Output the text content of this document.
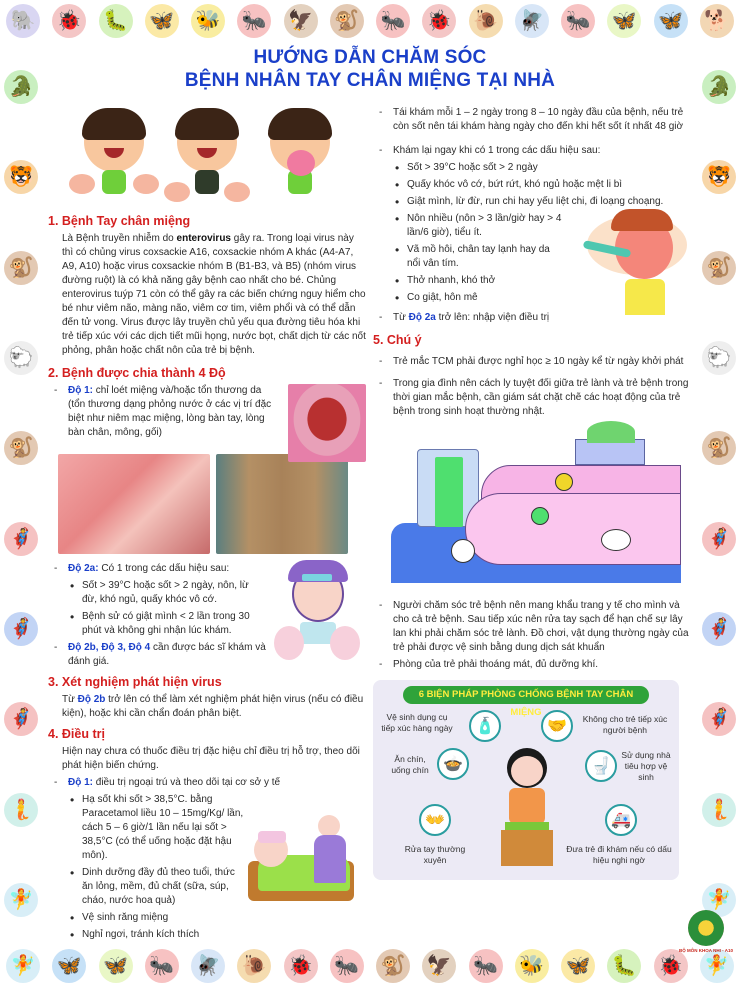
🐘 🐞 🐛 🦋 🐝 🐜 🦅 🐒 🐜 🐞 🐌 🪰 🐜 🦋 🦋 🐕
🧚 🦋 🦋 🐜 🪰 🐌 🐞 🐜 🐒 🦅 🐜 🐝 🦋 🐛 🐞 🧚
🐊
🐯
🐒
🐑
🐒
🦸
🦸
🦸
🧜
🧚
🐊
🐯
🐒
🐑
🐒
🦸
🦸
🦸
🧜
🧚
HƯỚNG DẪN CHĂM SÓC
BỆNH NHÂN TAY CHÂN MIỆNG TẠI NHÀ
1. Bệnh Tay chân miệng
Là Bệnh truyền nhiễm do enterovirus gây ra. Trong loại virus này thì có chủng virus coxsackie A16, coxsackie nhóm A khác (A4-A7, A9, A10) hoặc virus coxsackie nhóm B (B1-B3, và B5) (nhóm virus đường ruột) là có khả năng gây bệnh cao nhất cho bé. Chủng enterovirus tuýp 71 còn có thể gây ra các biến chứng nguy hiểm cho bé như viêm não, màng não, viêm cơ tim, viêm phổi và có thể dẫn đến tử vong. Virus được lây truyền chủ yếu qua đường tiêu hóa khi trẻ tiếp xúc với các dịch tiết mũi họng, nước bọt, chất dịch từ các nốt phỏng, phân hoặc chất nôn của trẻ bị bệnh.
2. Bệnh được chia thành 4 Độ
- Độ 1: chỉ loét miệng và/hoặc tổn thương da (tổn thương dạng phỏng nước ở các vị trí đặc biệt như niêm mạc miệng, lòng bàn tay, lòng bàn chân, mông, gối)
- Độ 2a: Có 1 trong các dấu hiệu sau:
• Sốt > 39°C hoặc sốt > 2 ngày, nôn, lừ đừ, khó ngủ, quấy khóc vô cớ.
• Bệnh sử có giật mình < 2 lần trong 30 phút và không ghi nhận lúc khám.
- Độ 2b, Độ 3, Độ 4 cần được bác sĩ khám và đánh giá.
3. Xét nghiệm phát hiện virus
Từ Độ 2b trở lên có thể làm xét nghiệm phát hiện virus (nếu có điều kiện), hoặc khi cần chẩn đoán phân biệt.
4. Điều trị
Hiện nay chưa có thuốc điều trị đặc hiệu chỉ điều trị hỗ trợ, theo dõi phát hiện biến chứng.
- Độ 1: điều trị ngoại trú và theo dõi tại cơ sở y tế
• Hạ sốt khi sốt > 38,5°C. bằng Paracetamol liều 10 – 15mg/Kg/ lần, cách 5 – 6 giờ/1 lần nếu lại sốt > 38,5°C (có thể uống hoặc đặt hậu môn).
• Dinh dưỡng đầy đủ theo tuổi, thức ăn lỏng, mềm, đủ chất (sữa, súp, cháo, nước hoa quả)
• Vệ sinh răng miệng
• Nghỉ ngơi, tránh kích thích
- Tái khám mỗi 1 – 2 ngày trong 8 – 10 ngày đầu của bệnh, nếu trẻ còn sốt nên tái khám hàng ngày cho đến khi hết sốt ít nhất 48 giờ
- Khám lại ngay khi có 1 trong các dấu hiệu sau:
• Sốt > 39°C hoặc sốt > 2 ngày
• Quấy khóc vô cớ, bứt rứt, khó ngủ hoặc mệt li bì
• Giật mình, lừ đừ, run chi hay yếu liệt chi, đi loạng choạng.
• Nôn nhiều (nôn > 3 lần/giờ hay > 4 lần/6 giờ), tiểu ít.
• Vã mồ hôi, chân tay lạnh hay da nổi vân tím.
• Thở nhanh, khó thở
• Co giật, hôn mê
- Từ Độ 2a trở lên: nhập viện điều trị
5. Chú ý
- Trẻ mắc TCM phải được nghỉ học ≥ 10 ngày kể từ ngày khởi phát
- Trong gia đình nên cách ly tuyệt đối giữa trẻ lành và trẻ bệnh trong thời gian mắc bệnh, cần giám sát chặt chẽ các hoạt động của trẻ bệnh trong sinh hoạt thường nhật.
- Người chăm sóc trẻ bệnh nên mang khẩu trang y tế cho mình và cho cả trẻ bệnh. Sau tiếp xúc nên rửa tay sạch để hạn chế sự lây lan khi phải chăm sóc trẻ lành. Đồ chơi, vật dụng thường ngày của trẻ phải được vệ sinh bằng dung dịch sát khuẩn
- Phòng của trẻ phải thoáng mát, đủ dưỡng khí.
6 BIỆN PHÁP PHÒNG CHỐNG BỆNH TAY CHÂN MIỆNG
Vệ sinh dụng cụ tiếp xúc hàng ngày 🧴	🤝	Không cho trẻ tiếp xúc người bệnh
Ăn chín, uống chín 🍲	🚽
Sử dụng nhà tiêu hợp vệ sinh
👐
Rửa tay thường xuyên
🚑
Đưa trẻ đi khám nếu có dấu hiệu nghi ngờ
BỘ MÔN KHOA NHI - A10
